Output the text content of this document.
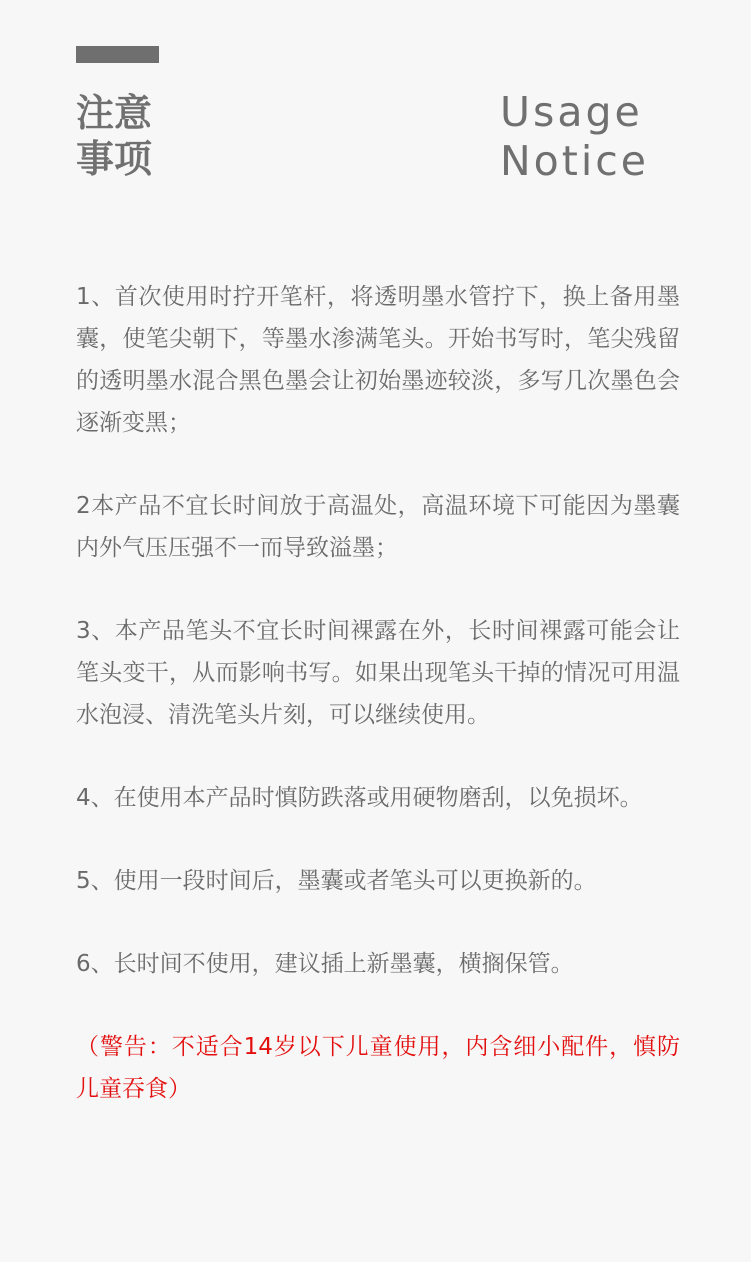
注意
事项
Usage
Notice

1、首次使用时拧开笔杆，将透明墨水管拧下，换上备用墨囊，使笔尖朝下，等墨水渗满笔头。开始书写时，笔尖残留的透明墨水混合黑色墨会让初始墨迹较淡，多写几次墨色会逐渐变黑；

2本产品不宜长时间放于高温处，高温环境下可能因为墨囊内外气压压强不一而导致溢墨；

3、本产品笔头不宜长时间裸露在外，长时间裸露可能会让笔头变干，从而影响书写。如果出现笔头干掉的情况可用温水泡浸、清洗笔头片刻，可以继续使用。

4、在使用本产品时慎防跌落或用硬物磨刮，以免损坏。

5、使用一段时间后，墨囊或者笔头可以更换新的。

6、长时间不使用，建议插上新墨囊，横搁保管。

（警告：不适合14岁以下儿童使用，内含细小配件，慎防儿童吞食）
